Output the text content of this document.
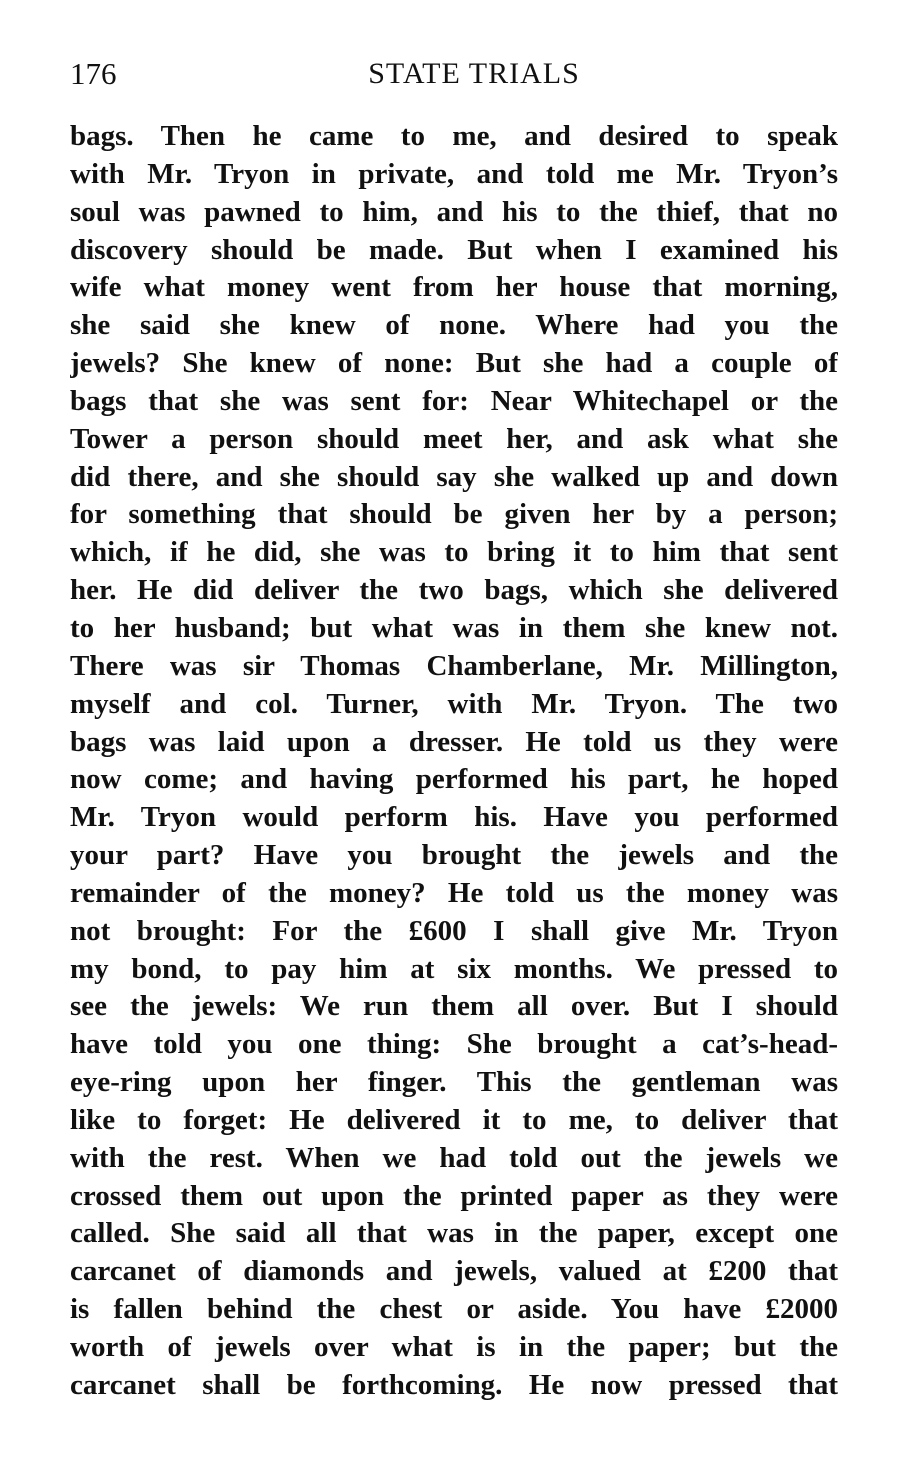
176	STATE TRIALS
bags. Then he came to me, and desired to speak
with Mr. Tryon in private, and told me Mr. Tryon’s
soul was pawned to him, and his to the thief, that no
discovery should be made. But when I examined his
wife what money went from her house that morning,
she said she knew of none. Where had you the
jewels? She knew of none: But she had a couple of
bags that she was sent for: Near Whitechapel or the
Tower a person should meet her, and ask what she
did there, and she should say she walked up and down
for something that should be given her by a person;
which, if he did, she was to bring it to him that sent
her. He did deliver the two bags, which she delivered
to her husband; but what was in them she knew not.
There was sir Thomas Chamberlane, Mr. Millington,
myself and col. Turner, with Mr. Tryon. The two
bags was laid upon a dresser. He told us they were
now come; and having performed his part, he hoped
Mr. Tryon would perform his. Have you performed
your part? Have you brought the jewels and the
remainder of the money? He told us the money was
not brought: For the £600 I shall give Mr. Tryon
my bond, to pay him at six months. We pressed to
see the jewels: We run them all over. But I should
have told you one thing: She brought a cat’s-head-
eye-ring upon her finger. This the gentleman was
like to forget: He delivered it to me, to deliver that
with the rest. When we had told out the jewels we
crossed them out upon the printed paper as they were
called. She said all that was in the paper, except one
carcanet of diamonds and jewels, valued at £200 that
is fallen behind the chest or aside. You have £2000
worth of jewels over what is in the paper; but the
carcanet shall be forthcoming. He now pressed that
